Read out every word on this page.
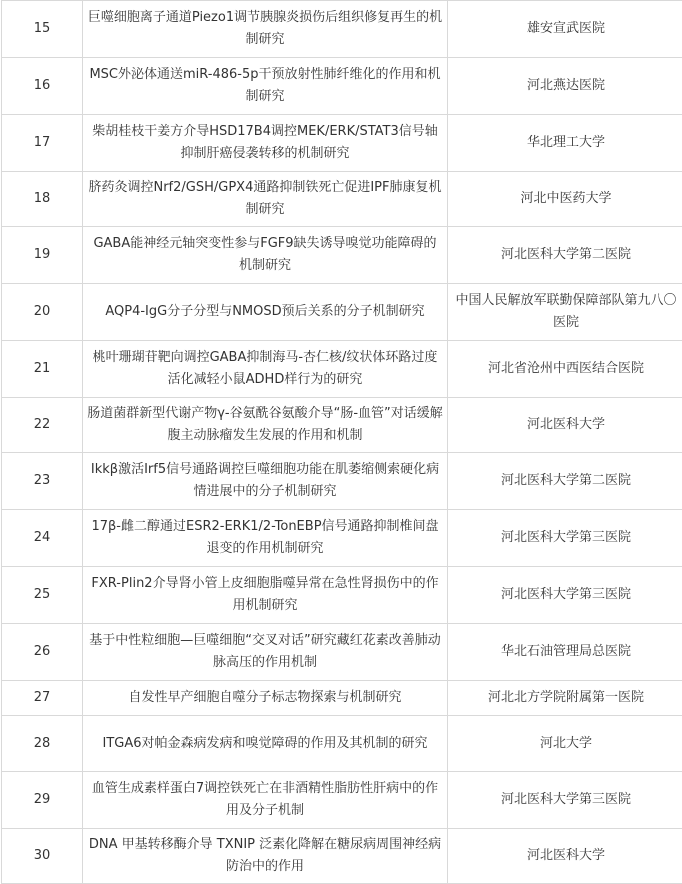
15	巨噬细胞离子通道Piezo1调节胰腺炎损伤后组织修复再生的机制研究	雄安宣武医院
16	MSC外泌体通送miR-486-5p干预放射性肺纤维化的作用和机制研究	河北燕达医院
17	柴胡桂枝干姜方介导HSD17B4调控MEK/ERK/STAT3信号轴抑制肝癌侵袭转移的机制研究	华北理工大学
18	脐药灸调控Nrf2/GSH/GPX4通路抑制铁死亡促进IPF肺康复机制研究	河北中医药大学
19	GABA能神经元轴突变性参与FGF9缺失诱导嗅觉功能障碍的机制研究	河北医科大学第二医院
20	AQP4-IgG分子分型与NMOSD预后关系的分子机制研究	中国人民解放军联勤保障部队第九八〇医院
21	桃叶珊瑚苷靶向调控GABA抑制海马-杏仁核/纹状体环路过度活化减轻小鼠ADHD样行为的研究	河北省沧州中西医结合医院
22	肠道菌群新型代谢产物γ-谷氨酰谷氨酸介导“肠-血管”对话缓解腹主动脉瘤发生发展的作用和机制	河北医科大学
23	Ikkβ激活Irf5信号通路调控巨噬细胞功能在肌萎缩侧索硬化病情进展中的分子机制研究	河北医科大学第二医院
24	17β-雌二醇通过ESR2-ERK1/2-TonEBP信号通路抑制椎间盘退变的作用机制研究	河北医科大学第三医院
25	FXR-Plin2介导肾小管上皮细胞脂噬异常在急性肾损伤中的作用机制研究	河北医科大学第三医院
26	基于中性粒细胞—巨噬细胞“交叉对话”研究藏红花素改善肺动脉高压的作用机制	华北石油管理局总医院
27	自发性早产细胞自噬分子标志物探索与机制研究	河北北方学院附属第一医院
28	ITGA6对帕金森病发病和嗅觉障碍的作用及其机制的研究	河北大学
29	血管生成素样蛋白7调控铁死亡在非酒精性脂肪性肝病中的作用及分子机制	河北医科大学第三医院
30	DNA 甲基转移酶介导 TXNIP 泛素化降解在糖尿病周围神经病防治中的作用	河北医科大学
